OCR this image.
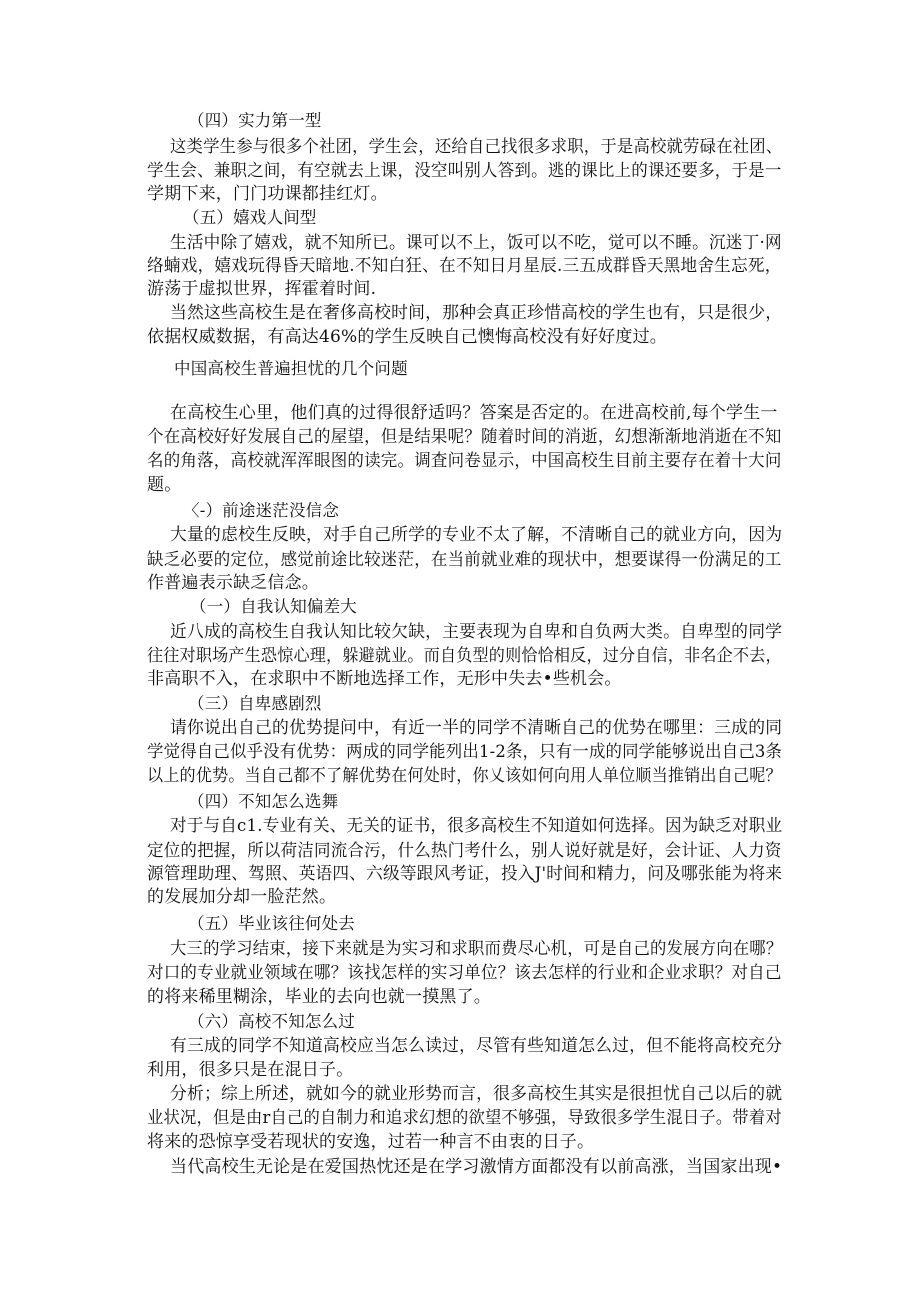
（四）实力第一型
这类学生参与很多个社团，学生会，还给自己找很多求职，于是高校就劳碌在社团、
学生会、兼职之间，有空就去上课，没空叫别人答到。逃的课比上的课还要多，于是一
学期下来，门门功课都挂红灯。
（五）嬉戏人间型
生活中除了嬉戏，就不知所已。课可以不上，饭可以不吃，觉可以不睡。沉迷丁·网
络蝻戏，嬉戏玩得昏天暗地.不知白狂、在不知日月星辰.三五成群昏天黑地舍生忘死，
游荡于虚拟世界，挥霍着时间.
当然这些高校生是在奢侈高校时间，那种会真正珍惜高校的学生也有，只是很少，
依据权威数据，有高达46%的学生反映自己懊悔高校没有好好度过。
中国高校生普遍担忧的几个问题
在高校生心里，他们真的过得很舒适吗？答案是否定的。在进高校前,每个学生一
个在高校好好发展自己的屋望，但是结果呢？随着时间的消逝，幻想渐渐地消逝在不知
名的角落，高校就浑浑眼图的读完。调査问卷显示，中国高校生目前主要存在着十大问
题。
〈-）前途迷茫没信念
大量的虑校生反映，对手自己所学的专业不太了解，不清晰自己的就业方向，因为
缺乏必要的定位，感觉前途比较迷茫，在当前就业难的现状中，想要谋得一份满足的工
作普遍表示缺乏信念。
（一）自我认知偏差大
近八成的高校生自我认知比较欠缺，主要表现为自卑和自负两大类。自卑型的同学
往往对职场产生恐惊心理，躲避就业。而自负型的则恰恰相反，过分自信，非名企不去，
非高职不入，在求职中不断地选择工作，无形中失去•些机会。
（三）自卑感剧烈
请你说出自己的优势提问中，有近一半的同学不清晰自己的优势在哪里：三成的同
学觉得自己似乎没有优势：两成的同学能列出1-2条，只有一成的同学能够说出自己3条
以上的优势。当自己都不了解优势在何处时，你乂该如何向用人单位顺当推销出自己呢？
（四）不知怎么选舞
对于与自c1.专业有关、无关的证书，很多高校生不知道如何选择。因为缺乏对职业
定位的把握，所以荷洁同流合污，什么热门考什么，别人说好就是好，会计证、人力资
源管理助理、驾照、英语四、六级等跟风考证，投入J'时间和精力，问及哪张能为将来
的发展加分却一脸茫然。
（五）毕业该往何处去
大三的学习结束，接下来就是为实习和求职而费尽心机，可是自己的发展方向在哪？
对口的专业就业领域在哪？该找怎样的实习单位？该去怎样的行业和企业求职？对自己
的将来稀里糊涂，毕业的去向也就一摸黑了。
（六）高校不知怎么过
有三成的同学不知道高校应当怎么读过，尽管有些知道怎么过，但不能将高校充分
利用，很多只是在混日子。
分析；综上所述，就如今的就业形势而言，很多高校生其实是很担忧自己以后的就
业状况，但是由r自己的自制力和追求幻想的欲望不够强，导致很多学生混日子。带着对
将来的恐惊享受若现状的安逸，过若一种言不由衷的日子。
当代高校生无论是在爱国热忱还是在学习激情方面都没有以前高涨，当国家出现•
